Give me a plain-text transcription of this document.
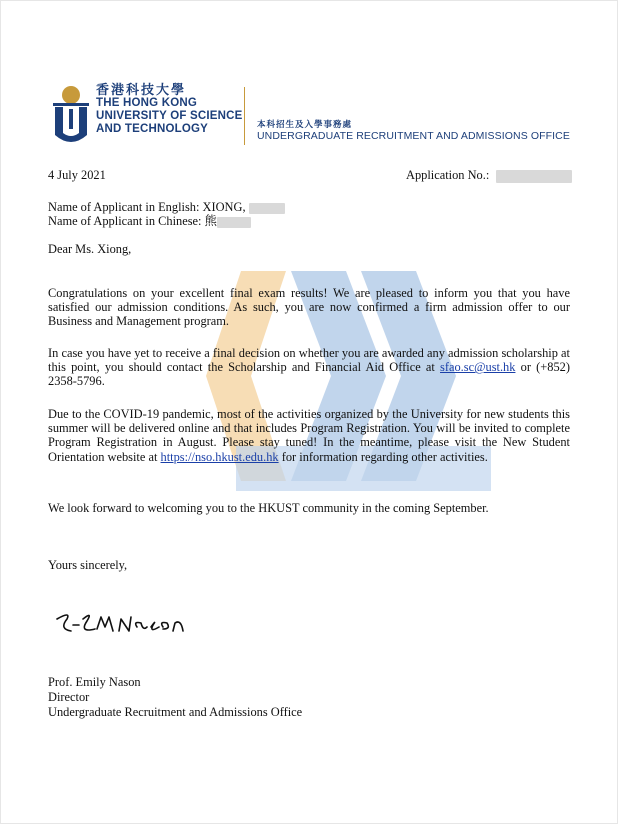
香港科技大學
THE HONG KONG
UNIVERSITY OF SCIENCE
AND TECHNOLOGY	本科招生及入學事務處
UNDERGRADUATE RECRUITMENT AND ADMISSIONS OFFICE
4 July 2021	Application No.:
Name of Applicant in English: XIONG,
Name of Applicant in Chinese: 熊
Dear Ms. Xiong,
Congratulations on your excellent final exam results! We are pleased to inform you that you have satisfied our admission conditions. As such, you are now confirmed a firm admission offer to our Business and Management program.
In case you have yet to receive a final decision on whether you are awarded any admission scholarship at this point, you should contact the Scholarship and Financial Aid Office at sfao.sc@ust.hk or (+852) 2358-5796.
Due to the COVID-19 pandemic, most of the activities organized by the University for new students this summer will be delivered online and that includes Program Registration. You will be invited to complete Program Registration in August. Please stay tuned! In the meantime, please visit the New Student Orientation website at https://nso.hkust.edu.hk for information regarding other activities.
We look forward to welcoming you to the HKUST community in the coming September.
Yours sincerely,
Prof. Emily Nason
Director
Undergraduate Recruitment and Admissions Office
